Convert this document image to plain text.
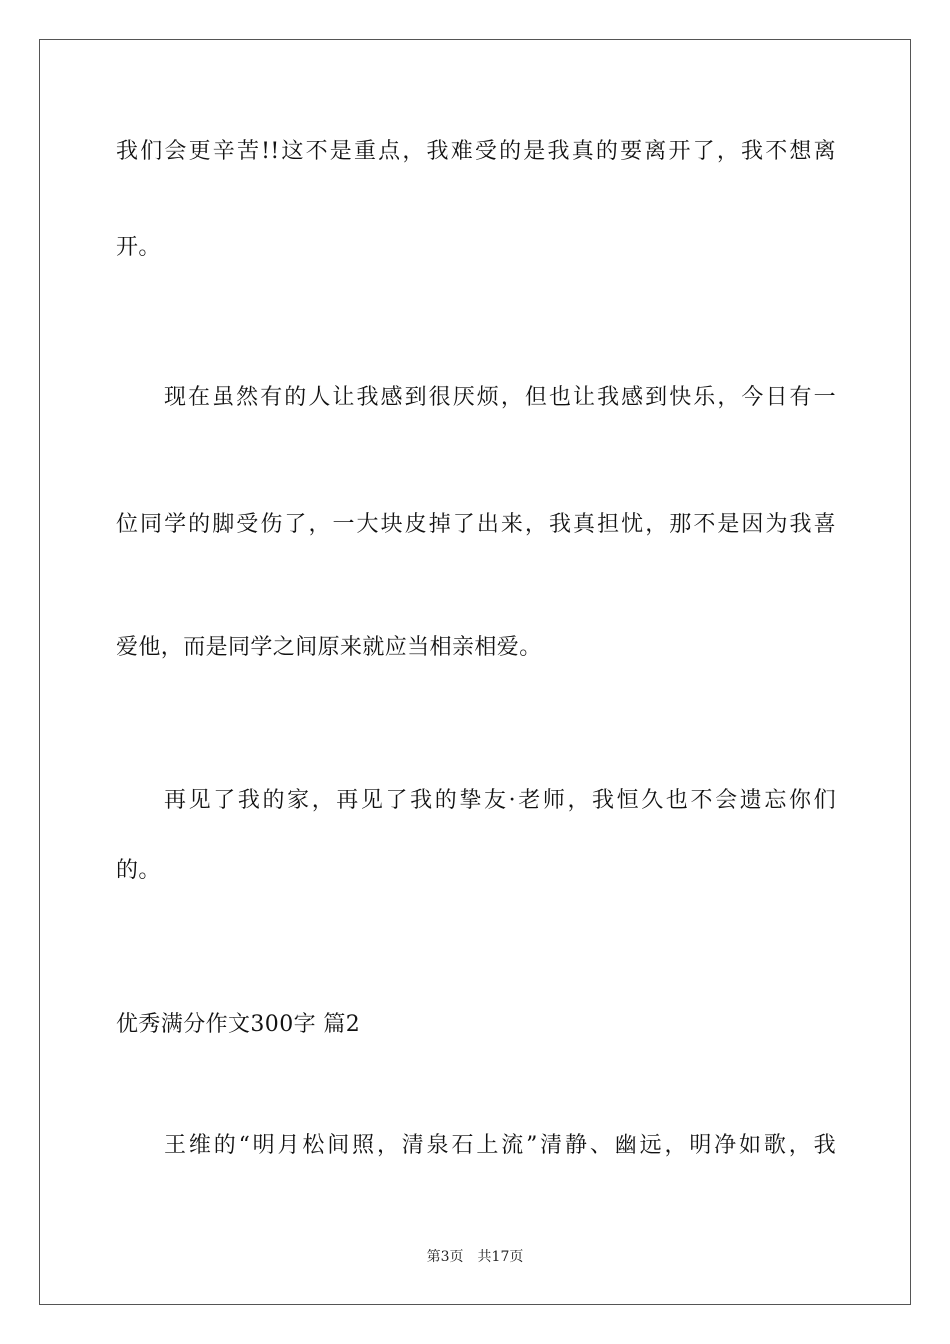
我们会更辛苦!!这不是重点，我难受的是我真的要离开了，我不想离
开。
现在虽然有的人让我感到很厌烦，但也让我感到快乐，今日有一
位同学的脚受伤了，一大块皮掉了出来，我真担忧，那不是因为我喜
爱他，而是同学之间原来就应当相亲相爱。
再见了我的家，再见了我的挚友·老师，我恒久也不会遗忘你们
的。
优秀满分作文300字 篇2
王维的“明月松间照，清泉石上流”清静、幽远，明净如歌，我
第3页 共17页
